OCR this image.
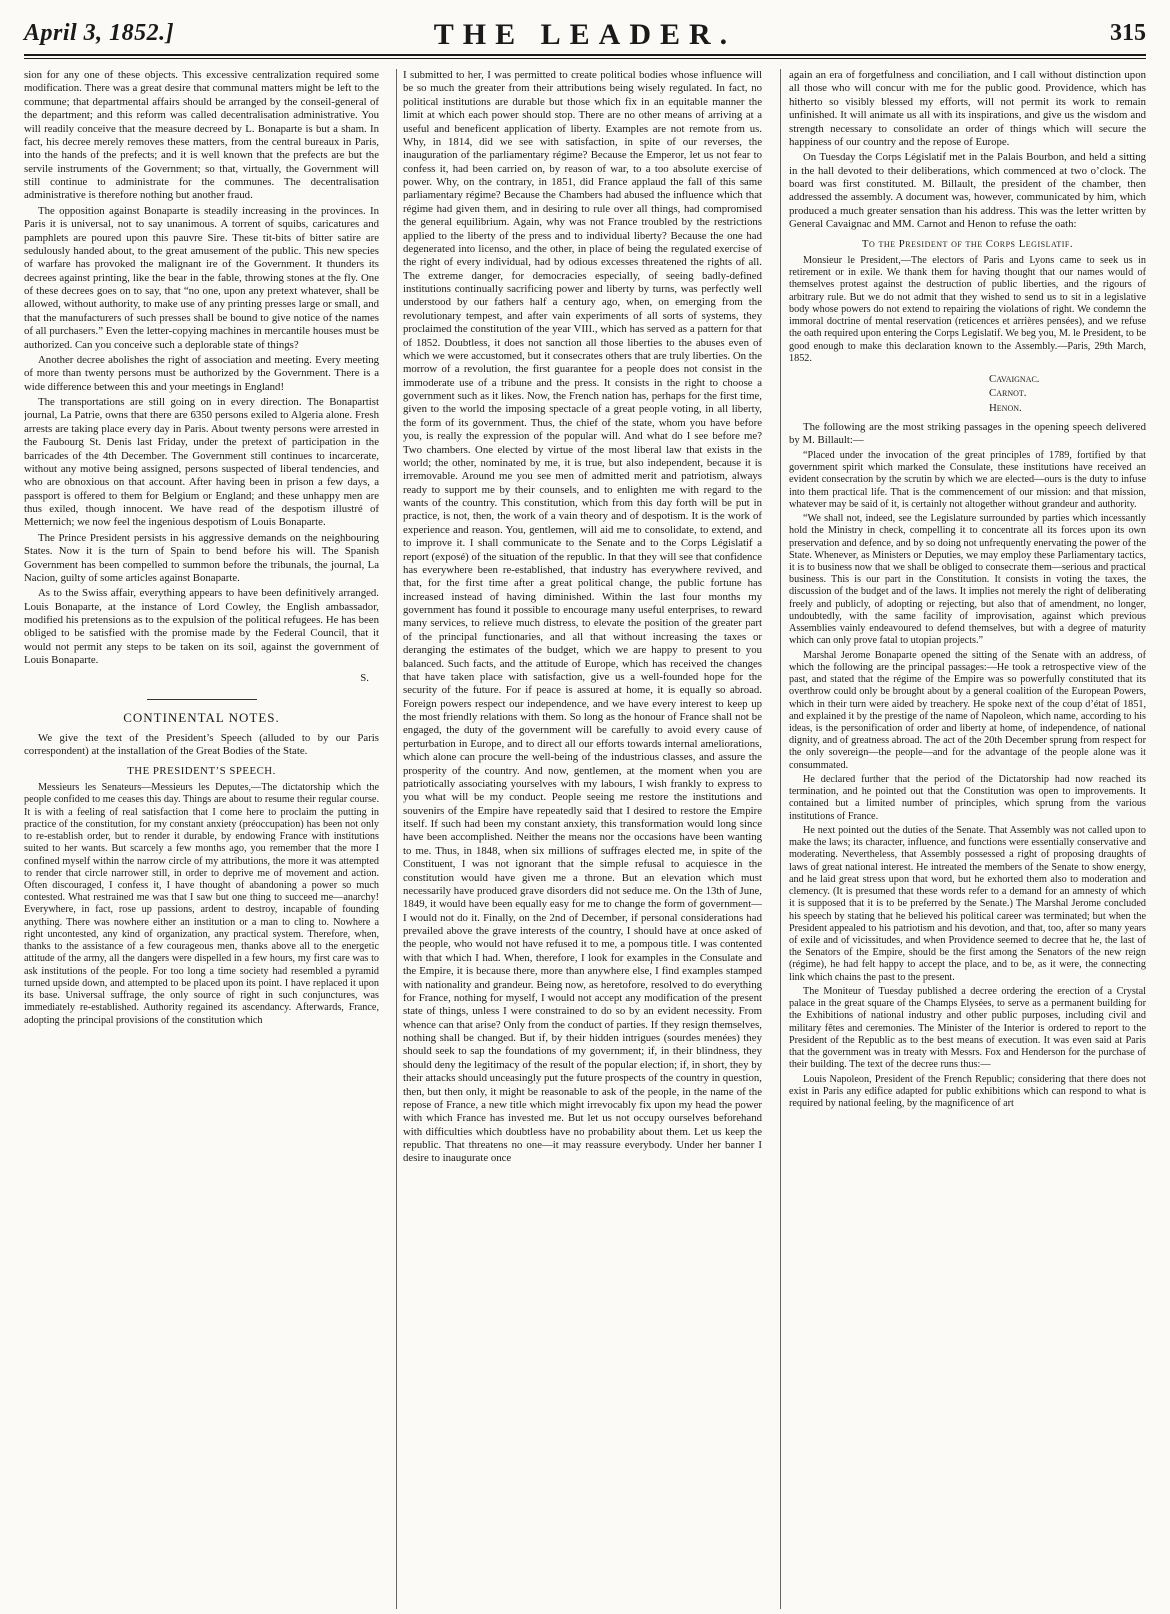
April 3, 1852.]	THE LEADER.	315

sion for any one of these objects. This excessive centralization required some modification. There was a great desire that communal matters might be left to the commune; that departmental affairs should be arranged by the conseil-general of the department; and this reform was called decentralisation administrative. You will readily conceive that the measure decreed by L. Bonaparte is but a sham. In fact, his decree merely removes these matters, from the central bureaux in Paris, into the hands of the prefects; and it is well known that the prefects are but the servile instruments of the Government; so that, virtually, the Government will still continue to administrate for the communes. The decentralisation administrative is therefore nothing but another fraud.

The opposition against Bonaparte is steadily increasing in the provinces. In Paris it is universal, not to say unanimous. A torrent of squibs, caricatures and pamphlets are poured upon this pauvre Sire. These tit-bits of bitter satire are sedulously handed about, to the great amusement of the public. This new species of warfare has provoked the malignant ire of the Government. It thunders its decrees against printing, like the bear in the fable, throwing stones at the fly. One of these decrees goes on to say, that “no one, upon any pretext whatever, shall be allowed, without authority, to make use of any printing presses large or small, and that the manufacturers of such presses shall be bound to give notice of the names of all purchasers.” Even the letter-copying machines in mercantile houses must be authorized. Can you conceive such a deplorable state of things?

Another decree abolishes the right of association and meeting. Every meeting of more than twenty persons must be authorized by the Government. There is a wide difference between this and your meetings in England!

The transportations are still going on in every direction. The Bonapartist journal, La Patrie, owns that there are 6350 persons exiled to Algeria alone. Fresh arrests are taking place every day in Paris. About twenty persons were arrested in the Faubourg St. Denis last Friday, under the pretext of participation in the barricades of the 4th December. The Government still continues to incarcerate, without any motive being assigned, persons suspected of liberal tendencies, and who are obnoxious on that account. After having been in prison a few days, a passport is offered to them for Belgium or England; and these unhappy men are thus exiled, though innocent. We have read of the despotism illustré of Metternich; we now feel the ingenious despotism of Louis Bonaparte.

The Prince President persists in his aggressive demands on the neighbouring States. Now it is the turn of Spain to bend before his will. The Spanish Government has been compelled to summon before the tribunals, the journal, La Nacion, guilty of some articles against Bonaparte.

As to the Swiss affair, everything appears to have been definitively arranged. Louis Bonaparte, at the instance of Lord Cowley, the English ambassador, modified his pretensions as to the expulsion of the political refugees. He has been obliged to be satisfied with the promise made by the Federal Council, that it would not permit any steps to be taken on its soil, against the government of Louis Bonaparte.

S.
CONTINENTAL NOTES.

We give the text of the President’s Speech (alluded to by our Paris correspondent) at the installation of the Great Bodies of the State.

THE PRESIDENT’S SPEECH.

Messieurs les Senateurs—Messieurs les Deputes,—The dictatorship which the people confided to me ceases this day. Things are about to resume their regular course. It is with a feeling of real satisfaction that I come here to proclaim the putting in practice of the constitution, for my constant anxiety (préoccupation) has been not only to re-establish order, but to render it durable, by endowing France with institutions suited to her wants. But scarcely a few months ago, you remember that the more I confined myself within the narrow circle of my attributions, the more it was attempted to render that circle narrower still, in order to deprive me of movement and action. Often discouraged, I confess it, I have thought of abandoning a power so much contested. What restrained me was that I saw but one thing to succeed me—anarchy! Everywhere, in fact, rose up passions, ardent to destroy, incapable of founding anything. There was nowhere either an institution or a man to cling to. Nowhere a right uncontested, any kind of organization, any practical system. Therefore, when, thanks to the assistance of a few courageous men, thanks above all to the energetic attitude of the army, all the dangers were dispelled in a few hours, my first care was to ask institutions of the people. For too long a time society had resembled a pyramid turned upside down, and attempted to be placed upon its point. I have replaced it upon its base. Universal suffrage, the only source of right in such conjunctures, was immediately re-established. Authority regained its ascendancy. Afterwards, France, adopting the principal provisions of the constitution which

I submitted to her, I was permitted to create political bodies whose influence will be so much the greater from their attributions being wisely regulated. In fact, no political institutions are durable but those which fix in an equitable manner the limit at which each power should stop. There are no other means of arriving at a useful and beneficent application of liberty. Examples are not remote from us. Why, in 1814, did we see with satisfaction, in spite of our reverses, the inauguration of the parliamentary régime? Because the Emperor, let us not fear to confess it, had been carried on, by reason of war, to a too absolute exercise of power. Why, on the contrary, in 1851, did France applaud the fall of this same parliamentary régime? Because the Chambers had abused the influence which that régime had given them, and in desiring to rule over all things, had compromised the general equilibrium. Again, why was not France troubled by the restrictions applied to the liberty of the press and to individual liberty? Because the one had degenerated into licenso, and the other, in place of being the regulated exercise of the right of every individual, had by odious excesses threatened the rights of all. The extreme danger, for democracies especially, of seeing badly-defined institutions continually sacrificing power and liberty by turns, was perfectly well understood by our fathers half a century ago, when, on emerging from the revolutionary tempest, and after vain experiments of all sorts of systems, they proclaimed the constitution of the year VIII., which has served as a pattern for that of 1852. Doubtless, it does not sanction all those liberties to the abuses even of which we were accustomed, but it consecrates others that are truly liberties. On the morrow of a revolution, the first guarantee for a people does not consist in the immoderate use of a tribune and the press. It consists in the right to choose a government such as it likes. Now, the French nation has, perhaps for the first time, given to the world the imposing spectacle of a great people voting, in all liberty, the form of its government. Thus, the chief of the state, whom you have before you, is really the expression of the popular will. And what do I see before me? Two chambers. One elected by virtue of the most liberal law that exists in the world; the other, nominated by me, it is true, but also independent, because it is irremovable. Around me you see men of admitted merit and patriotism, always ready to support me by their counsels, and to enlighten me with regard to the wants of the country. This constitution, which from this day forth will be put in practice, is not, then, the work of a vain theory and of despotism. It is the work of experience and reason. You, gentlemen, will aid me to consolidate, to extend, and to improve it. I shall communicate to the Senate and to the Corps Législatif a report (exposé) of the situation of the republic. In that they will see that confidence has everywhere been re-established, that industry has everywhere revived, and that, for the first time after a great political change, the public fortune has increased instead of having diminished. Within the last four months my government has found it possible to encourage many useful enterprises, to reward many services, to relieve much distress, to elevate the position of the greater part of the principal functionaries, and all that without increasing the taxes or deranging the estimates of the budget, which we are happy to present to you balanced. Such facts, and the attitude of Europe, which has received the changes that have taken place with satisfaction, give us a well-founded hope for the security of the future. For if peace is assured at home, it is equally so abroad. Foreign powers respect our independence, and we have every interest to keep up the most friendly relations with them. So long as the honour of France shall not be engaged, the duty of the government will be carefully to avoid every cause of perturbation in Europe, and to direct all our efforts towards internal ameliorations, which alone can procure the well-being of the industrious classes, and assure the prosperity of the country. And now, gentlemen, at the moment when you are patriotically associating yourselves with my labours, I wish frankly to express to you what will be my conduct. People seeing me restore the institutions and souvenirs of the Empire have repeatedly said that I desired to restore the Empire itself. If such had been my constant anxiety, this transformation would long since have been accomplished. Neither the means nor the occasions have been wanting to me. Thus, in 1848, when six millions of suffrages elected me, in spite of the Constituent, I was not ignorant that the simple refusal to acquiesce in the constitution would have given me a throne. But an elevation which must necessarily have produced grave disorders did not seduce me. On the 13th of June, 1849, it would have been equally easy for me to change the form of government—I would not do it. Finally, on the 2nd of December, if personal considerations had prevailed above the grave interests of the country, I should have at once asked of the people, who would not have refused it to me, a pompous title. I was contented with that which I had. When, therefore, I look for examples in the Consulate and the Empire, it is because there, more than anywhere else, I find examples stamped with nationality and grandeur. Being now, as heretofore, resolved to do everything for France, nothing for myself, I would not accept any modification of the present state of things, unless I were constrained to do so by an evident necessity. From whence can that arise? Only from the conduct of parties. If they resign themselves, nothing shall be changed. But if, by their hidden intrigues (sourdes menées) they should seek to sap the foundations of my government; if, in their blindness, they should deny the legitimacy of the result of the popular election; if, in short, they by their attacks should unceasingly put the future prospects of the country in question, then, but then only, it might be reasonable to ask of the people, in the name of the repose of France, a new title which might irrevocably fix upon my head the power with which France has invested me. But let us not occupy ourselves beforehand with difficulties which doubtless have no probability about them. Let us keep the republic. That threatens no one—it may reassure everybody. Under her banner I desire to inaugurate once

again an era of forgetfulness and conciliation, and I call without distinction upon all those who will concur with me for the public good. Providence, which has hitherto so visibly blessed my efforts, will not permit its work to remain unfinished. It will animate us all with its inspirations, and give us the wisdom and strength necessary to consolidate an order of things which will secure the happiness of our country and the repose of Europe.

On Tuesday the Corps Législatif met in the Palais Bourbon, and held a sitting in the hall devoted to their deliberations, which commenced at two o’clock. The board was first constituted. M. Billault, the president of the chamber, then addressed the assembly. A document was, however, communicated by him, which produced a much greater sensation than his address. This was the letter written by General Cavaignac and MM. Carnot and Henon to refuse the oath:

To the President of the Corps Legislatif.

Monsieur le President,—The electors of Paris and Lyons came to seek us in retirement or in exile. We thank them for having thought that our names would of themselves protest against the destruction of public liberties, and the rigours of arbitrary rule. But we do not admit that they wished to send us to sit in a legislative body whose powers do not extend to repairing the violations of right. We condemn the immoral doctrine of mental reservation (reticences et arrières pensées), and we refuse the oath required upon entering the Corps Legislatif. We beg you, M. le President, to be good enough to make this declaration known to the Assembly.—Paris, 29th March, 1852.

Cavaignac.
Carnot.
Henon.

The following are the most striking passages in the opening speech delivered by M. Billault:—

“Placed under the invocation of the great principles of 1789, fortified by that government spirit which marked the Consulate, these institutions have received an evident consecration by the scrutin by which we are elected—ours is the duty to infuse into them practical life. That is the commencement of our mission: and that mission, whatever may be said of it, is certainly not altogether without grandeur and authority.

“We shall not, indeed, see the Legislature surrounded by parties which incessantly hold the Ministry in check, compelling it to concentrate all its forces upon its own preservation and defence, and by so doing not unfrequently enervating the power of the State. Whenever, as Ministers or Deputies, we may employ these Parliamentary tactics, it is to business now that we shall be obliged to consecrate them—serious and practical business. This is our part in the Constitution. It consists in voting the taxes, the discussion of the budget and of the laws. It implies not merely the right of deliberating freely and publicly, of adopting or rejecting, but also that of amendment, no longer, undoubtedly, with the same facility of improvisation, against which previous Assemblies vainly endeavoured to defend themselves, but with a degree of maturity which can only prove fatal to utopian projects.”

Marshal Jerome Bonaparte opened the sitting of the Senate with an address, of which the following are the principal passages:—He took a retrospective view of the past, and stated that the régime of the Empire was so powerfully constituted that its overthrow could only be brought about by a general coalition of the European Powers, which in their turn were aided by treachery. He spoke next of the coup d’état of 1851, and explained it by the prestige of the name of Napoleon, which name, according to his ideas, is the personification of order and liberty at home, of independence, of national dignity, and of greatness abroad. The act of the 20th December sprung from respect for the only sovereign—the people—and for the advantage of the people alone was it consummated.

He declared further that the period of the Dictatorship had now reached its termination, and he pointed out that the Constitution was open to improvements. It contained but a limited number of principles, which sprung from the various institutions of France.

He next pointed out the duties of the Senate. That Assembly was not called upon to make the laws; its character, influence, and functions were essentially conservative and moderating. Nevertheless, that Assembly possessed a right of proposing draughts of laws of great national interest. He intreated the members of the Senate to show energy, and he laid great stress upon that word, but he exhorted them also to moderation and clemency. (It is presumed that these words refer to a demand for an amnesty of which it is supposed that it is to be preferred by the Senate.) The Marshal Jerome concluded his speech by stating that he believed his political career was terminated; but when the President appealed to his patriotism and his devotion, and that, too, after so many years of exile and of vicissitudes, and when Providence seemed to decree that he, the last of the Senators of the Empire, should be the first among the Senators of the new reign (régime), he had felt happy to accept the place, and to be, as it were, the connecting link which chains the past to the present.

The Moniteur of Tuesday published a decree ordering the erection of a Crystal palace in the great square of the Champs Elysées, to serve as a permanent building for the Exhibitions of national industry and other public purposes, including civil and military fêtes and ceremonies. The Minister of the Interior is ordered to report to the President of the Republic as to the best means of execution. It was even said at Paris that the government was in treaty with Messrs. Fox and Henderson for the purchase of their building. The text of the decree runs thus:—

Louis Napoleon, President of the French Republic; considering that there does not exist in Paris any edifice adapted for public exhibitions which can respond to what is required by national feeling, by the magnificence of art
